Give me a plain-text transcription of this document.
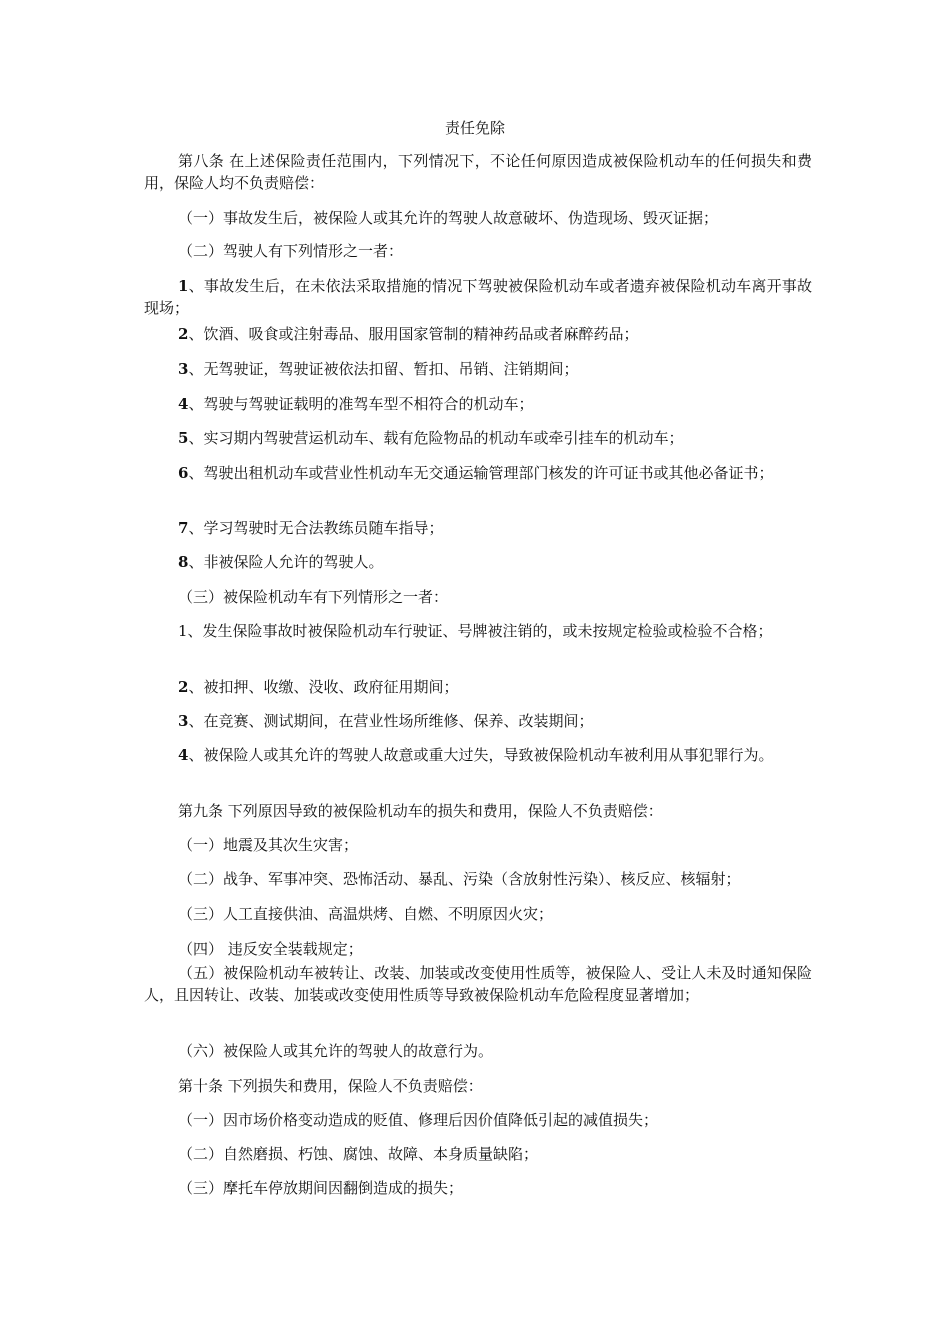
责任免除
第八条 在上述保险责任范围内，下列情况下，不论任何原因造成被保险机动车的任何损失和费用，保险人均不负责赔偿：
（一）事故发生后，被保险人或其允许的驾驶人故意破坏、伪造现场、毁灭证据；
（二）驾驶人有下列情形之一者：
1、事故发生后，在未依法采取措施的情况下驾驶被保险机动车或者遗弃被保险机动车离开事故现场；
2、饮酒、吸食或注射毒品、服用国家管制的精神药品或者麻醉药品；
3、无驾驶证，驾驶证被依法扣留、暂扣、吊销、注销期间；
4、驾驶与驾驶证载明的准驾车型不相符合的机动车；
5、实习期内驾驶营运机动车、载有危险物品的机动车或牵引挂车的机动车；
6、驾驶出租机动车或营业性机动车无交通运输管理部门核发的许可证书或其他必备证书；
7、学习驾驶时无合法教练员随车指导；
8、非被保险人允许的驾驶人。
（三）被保险机动车有下列情形之一者：
1、发生保险事故时被保险机动车行驶证、号牌被注销的，或未按规定检验或检验不合格；
2、被扣押、收缴、没收、政府征用期间；
3、在竞赛、测试期间，在营业性场所维修、保养、改装期间；
4、被保险人或其允许的驾驶人故意或重大过失，导致被保险机动车被利用从事犯罪行为。
第九条 下列原因导致的被保险机动车的损失和费用，保险人不负责赔偿：
（一）地震及其次生灾害；
（二）战争、军事冲突、恐怖活动、暴乱、污染（含放射性污染）、核反应、核辐射；
（三）人工直接供油、高温烘烤、自燃、不明原因火灾；
（四） 违反安全装载规定；
（五）被保险机动车被转让、改装、加装或改变使用性质等，被保险人、受让人未及时通知保险人，且因转让、改装、加装或改变使用性质等导致被保险机动车危险程度显著增加；
（六）被保险人或其允许的驾驶人的故意行为。
第十条 下列损失和费用，保险人不负责赔偿：
（一）因市场价格变动造成的贬值、修理后因价值降低引起的减值损失；
（二）自然磨损、朽蚀、腐蚀、故障、本身质量缺陷；
（三）摩托车停放期间因翻倒造成的损失；
